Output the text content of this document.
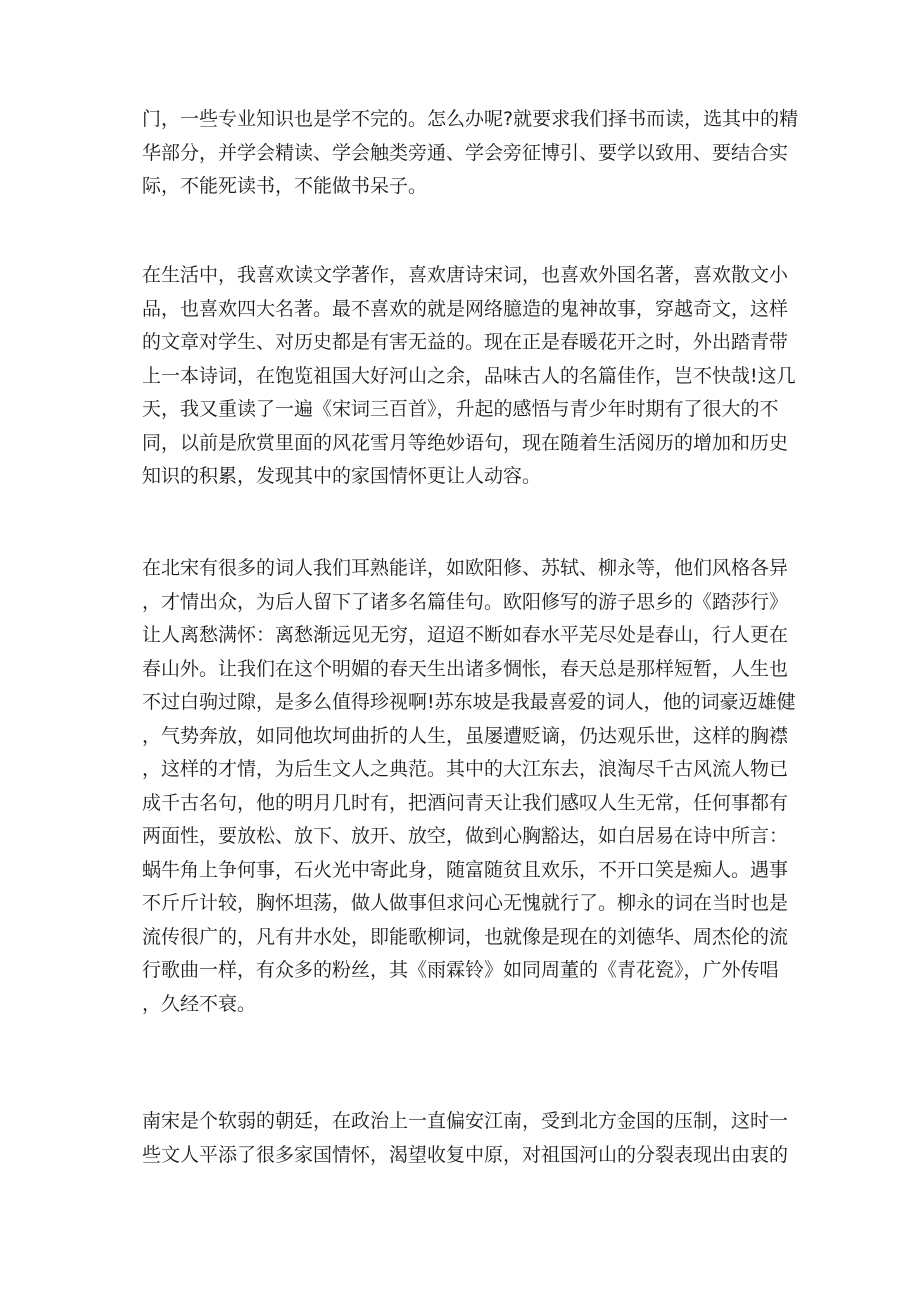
门，一些专业知识也是学不完的。怎么办呢?就要求我们择书而读，选其中的精
华部分，并学会精读、学会触类旁通、学会旁征博引、要学以致用、要结合实
际，不能死读书，不能做书呆子。

在生活中，我喜欢读文学著作，喜欢唐诗宋词，也喜欢外国名著，喜欢散文小
品，也喜欢四大名著。最不喜欢的就是网络臆造的鬼神故事，穿越奇文，这样
的文章对学生、对历史都是有害无益的。现在正是春暖花开之时，外出踏青带
上一本诗词，在饱览祖国大好河山之余，品味古人的名篇佳作，岂不快哉!这几
天，我又重读了一遍《宋词三百首》，升起的感悟与青少年时期有了很大的不
同，以前是欣赏里面的风花雪月等绝妙语句，现在随着生活阅历的增加和历史
知识的积累，发现其中的家国情怀更让人动容。

在北宋有很多的词人我们耳熟能详，如欧阳修、苏轼、柳永等，他们风格各异
，才情出众，为后人留下了诸多名篇佳句。欧阳修写的游子思乡的《踏莎行》
让人离愁满怀：离愁渐远见无穷，迢迢不断如春水平芜尽处是春山，行人更在
春山外。让我们在这个明媚的春天生出诸多惆怅，春天总是那样短暂，人生也
不过白驹过隙，是多么值得珍视啊!苏东坡是我最喜爱的词人，他的词豪迈雄健
，气势奔放，如同他坎坷曲折的人生，虽屡遭贬谪，仍达观乐世，这样的胸襟
，这样的才情，为后生文人之典范。其中的大江东去，浪淘尽千古风流人物已
成千古名句，他的明月几时有，把酒问青天让我们感叹人生无常，任何事都有
两面性，要放松、放下、放开、放空，做到心胸豁达，如白居易在诗中所言：
蜗牛角上争何事，石火光中寄此身，随富随贫且欢乐，不开口笑是痴人。遇事
不斤斤计较，胸怀坦荡，做人做事但求问心无愧就行了。柳永的词在当时也是
流传很广的，凡有井水处，即能歌柳词，也就像是现在的刘德华、周杰伦的流
行歌曲一样，有众多的粉丝，其《雨霖铃》如同周董的《青花瓷》，广外传唱
，久经不衰。

南宋是个软弱的朝廷，在政治上一直偏安江南，受到北方金国的压制，这时一
些文人平添了很多家国情怀，渴望收复中原，对祖国河山的分裂表现出由衷的
